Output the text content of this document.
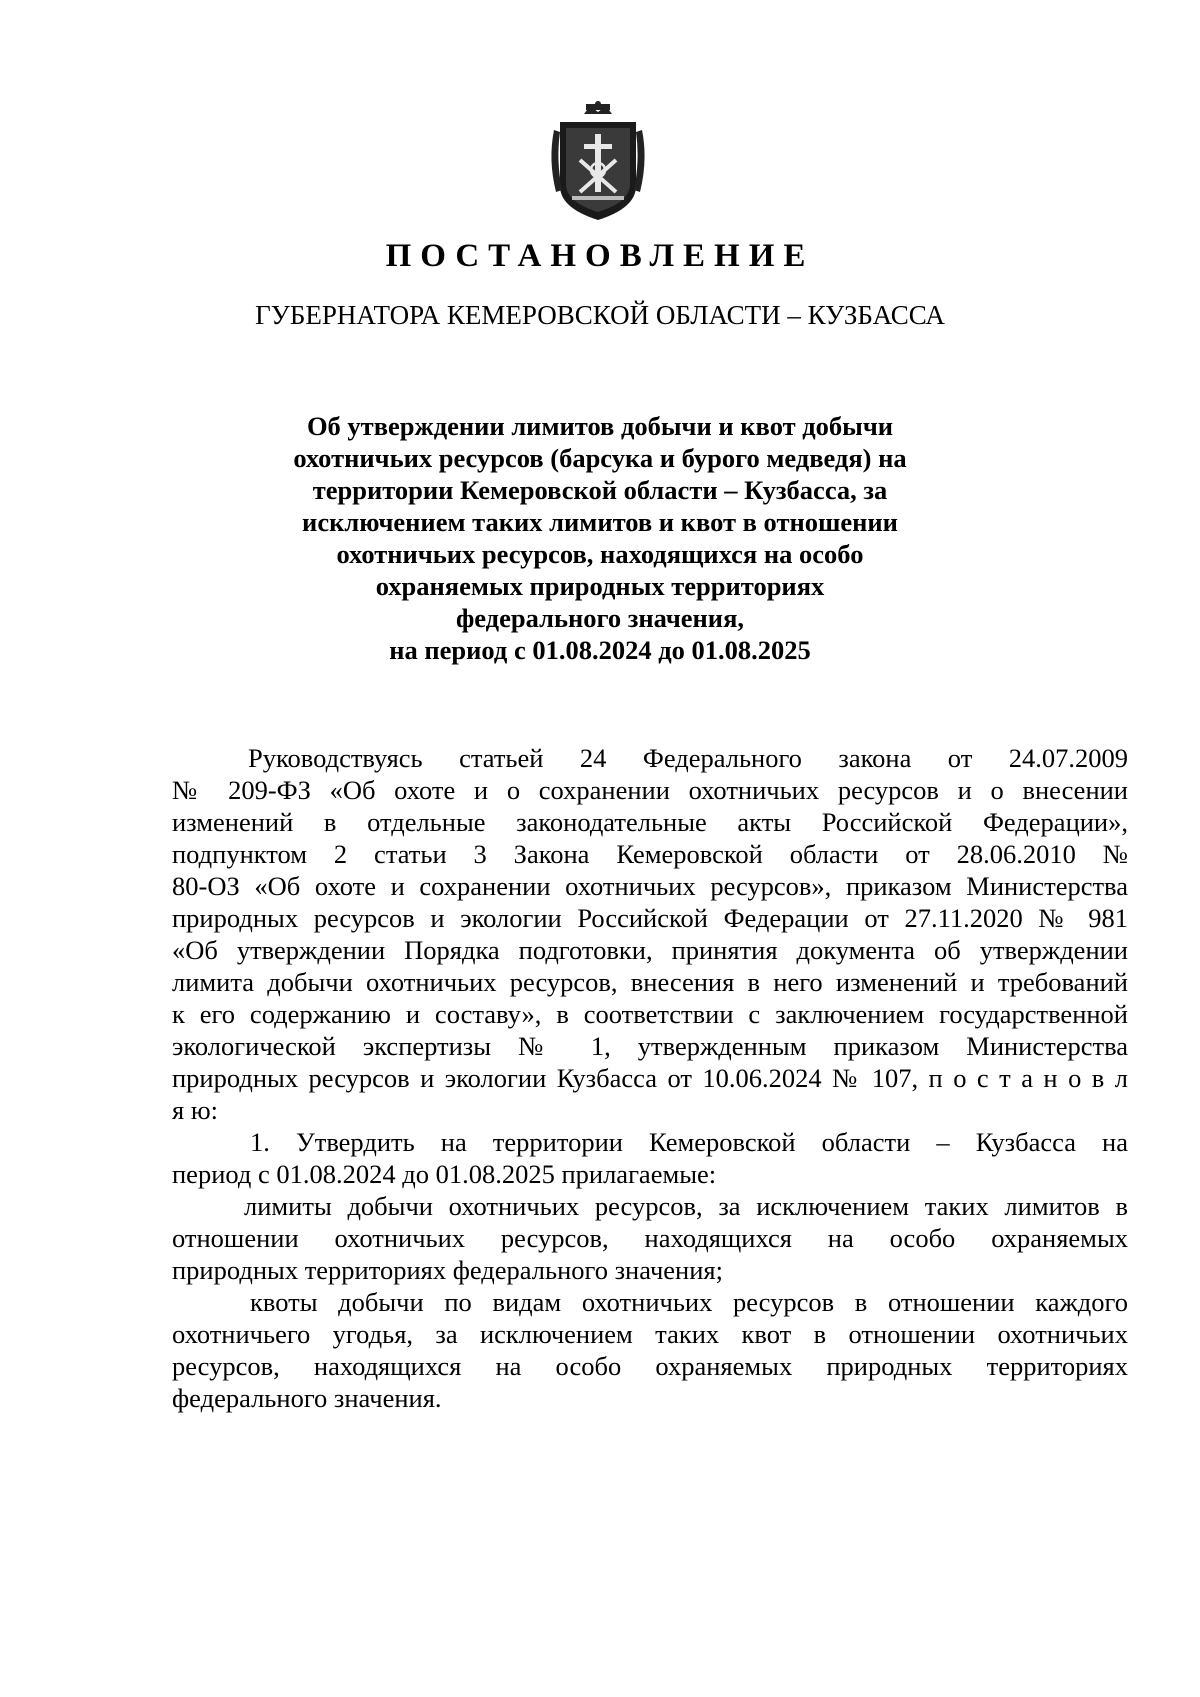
ПОСТАНОВЛЕНИЕ
ГУБЕРНАТОРА КЕМЕРОВСКОЙ ОБЛАСТИ – КУЗБАССА
Об утверждении лимитов добычи и квот добычи
охотничьих ресурсов (барсука и бурого медведя) на
территории Кемеровской области – Кузбасса, за
исключением таких лимитов и квот в отношении
охотничьих ресурсов, находящихся на особо
охраняемых природных территориях
федерального значения,
на период с 01.08.2024 до 01.08.2025
Руководствуясь статьей 24 Федерального закона от 24.07.2009
№ 209-ФЗ «Об охоте и о сохранении охотничьих ресурсов и о внесении
изменений в отдельные законодательные акты Российской Федерации»,
подпунктом 2 статьи 3 Закона Кемеровской области от 28.06.2010 №
80-ОЗ «Об охоте и сохранении охотничьих ресурсов», приказом Министерства
природных ресурсов и экологии Российской Федерации от 27.11.2020 № 981
«Об утверждении Порядка подготовки, принятия документа об утверждении
лимита добычи охотничьих ресурсов, внесения в него изменений и требований
к его содержанию и составу», в соответствии с заключением государственной
экологической экспертизы № 1, утвержденным приказом Министерства
природных ресурсов и экологии Кузбасса от 10.06.2024 № 107, п о с т а н о в л
я ю:
1. Утвердить на территории Кемеровской области – Кузбасса на
период с 01.08.2024 до 01.08.2025 прилагаемые:
лимиты добычи охотничьих ресурсов, за исключением таких лимитов в
отношении охотничьих ресурсов, находящихся на особо охраняемых
природных территориях федерального значения;
квоты добычи по видам охотничьих ресурсов в отношении каждого
охотничьего угодья, за исключением таких квот в отношении охотничьих
ресурсов, находящихся на особо охраняемых природных территориях
федерального значения.
